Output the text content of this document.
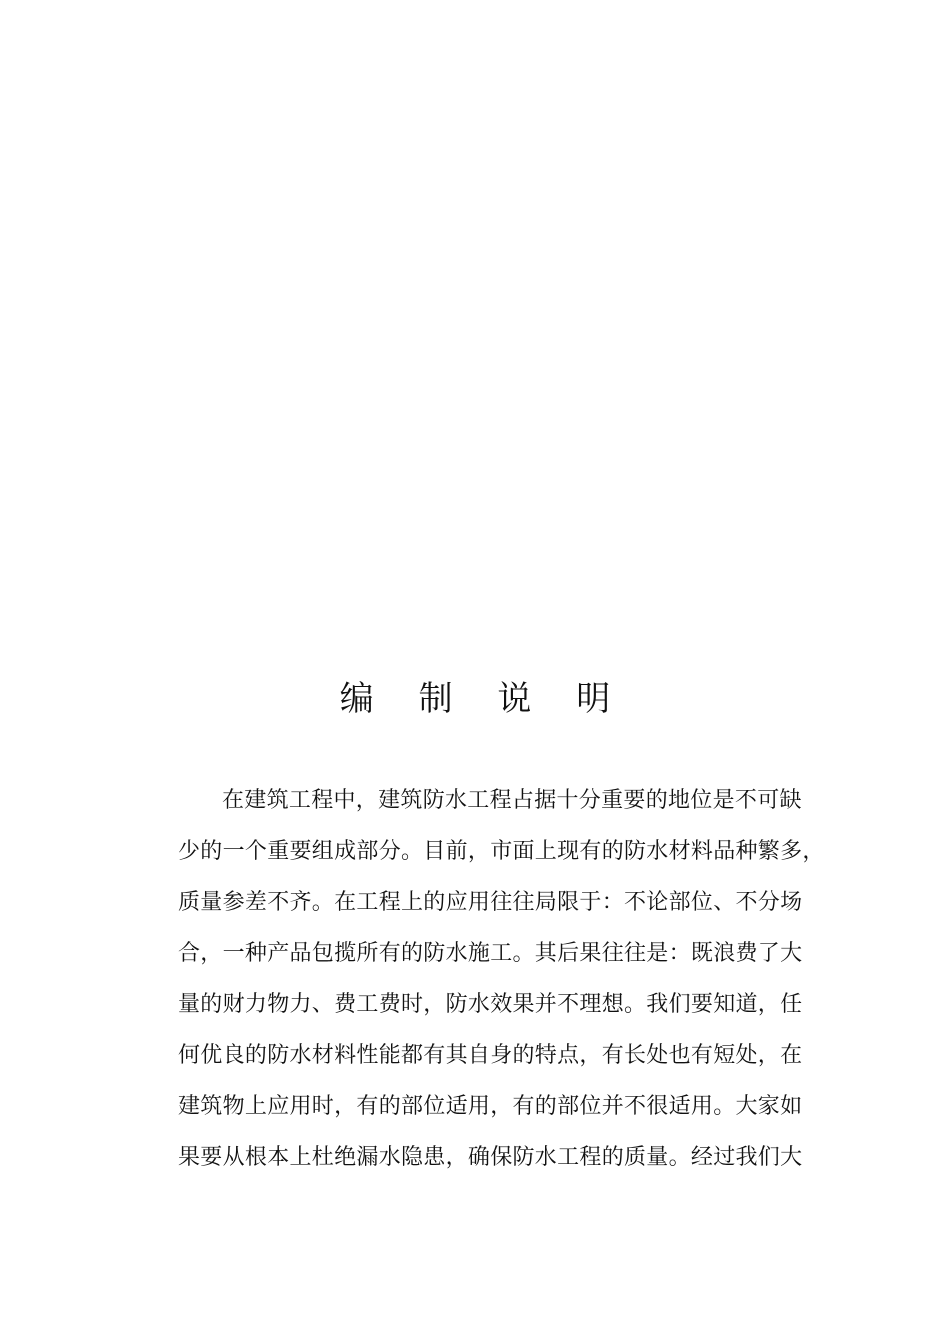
编 制 说 明
在建筑工程中，建筑防水工程占据十分重要的地位是不可缺
少的一个重要组成部分。目前，市面上现有的防水材料品种繁多，
质量参差不齐。在工程上的应用往往局限于：不论部位、不分场
合，一种产品包揽所有的防水施工。其后果往往是：既浪费了大
量的财力物力、费工费时，防水效果并不理想。我们要知道，任
何优良的防水材料性能都有其自身的特点，有长处也有短处，在
建筑物上应用时，有的部位适用，有的部位并不很适用。大家如
果要从根本上杜绝漏水隐患，确保防水工程的质量。经过我们大
